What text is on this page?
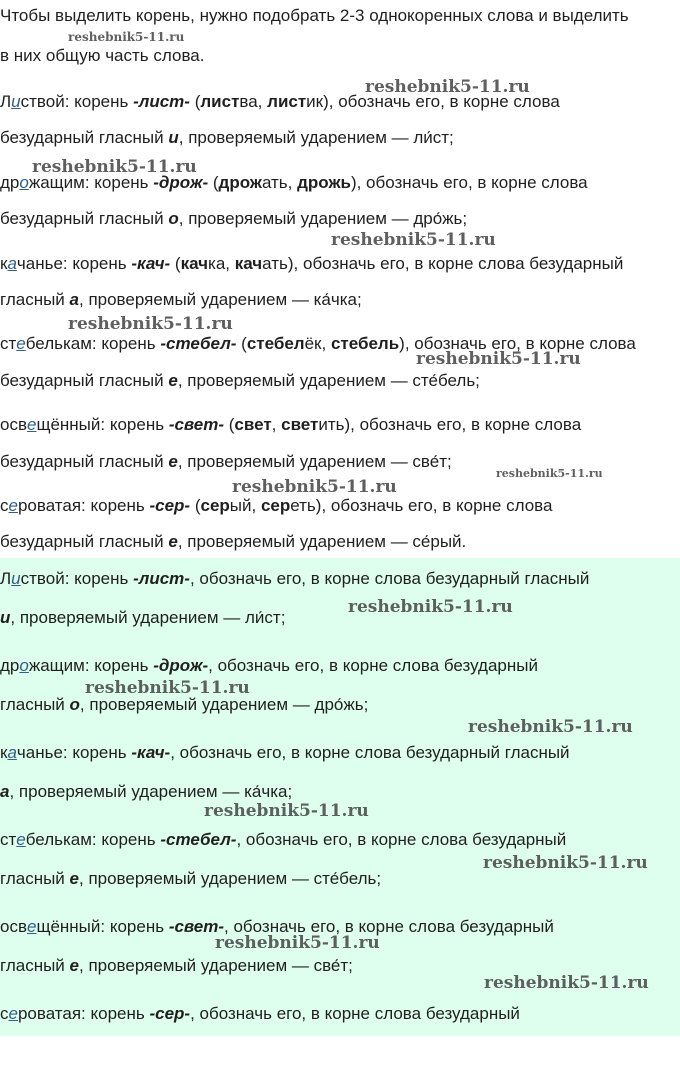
Чтобы выделить корень, нужно подобрать 2-3 однокоренных слова и выделить
в них общую часть слова.
Листвой: корень -лист- (листва, листик), обозначь его, в корне слова
безударный гласный и, проверяемый ударением — ли́ст;
дрожащим: корень -дрож- (дрожать, дрожь), обозначь его, в корне слова
безударный гласный о, проверяемый ударением — дро́жь;
качанье: корень -кач- (качка, качать), обозначь его, в корне слова безударный
гласный а, проверяемый ударением — ка́чка;
стебелькам: корень -стебел- (стебелёк, стебель), обозначь его, в корне слова
безударный гласный е, проверяемый ударением — сте́бель;
освещённый: корень -свет- (свет, светить), обозначь его, в корне слова
безударный гласный е, проверяемый ударением — све́т;
сероватая: корень -сер- (серый, сереть), обозначь его, в корне слова
безударный гласный е, проверяемый ударением — се́рый.
Листвой: корень -лист-, обозначь его, в корне слова безударный гласный
и, проверяемый ударением — ли́ст;
дрожащим: корень -дрож-, обозначь его, в корне слова безударный
гласный о, проверяемый ударением — дро́жь;
качанье: корень -кач-, обозначь его, в корне слова безударный гласный
а, проверяемый ударением — ка́чка;
стебелькам: корень -стебел-, обозначь его, в корне слова безударный
гласный е, проверяемый ударением — сте́бель;
освещённый: корень -свет-, обозначь его, в корне слова безударный
гласный е, проверяемый ударением — све́т;
сероватая: корень -сер-, обозначь его, в корне слова безударный
reshebnik5-11.ru
reshebnik5-11.ru
reshebnik5-11.ru
reshebnik5-11.ru
reshebnik5-11.ru
reshebnik5-11.ru
reshebnik5-11.ru
reshebnik5-11.ru
reshebnik5-11.ru
reshebnik5-11.ru
reshebnik5-11.ru
reshebnik5-11.ru
reshebnik5-11.ru
reshebnik5-11.ru
reshebnik5-11.ru
